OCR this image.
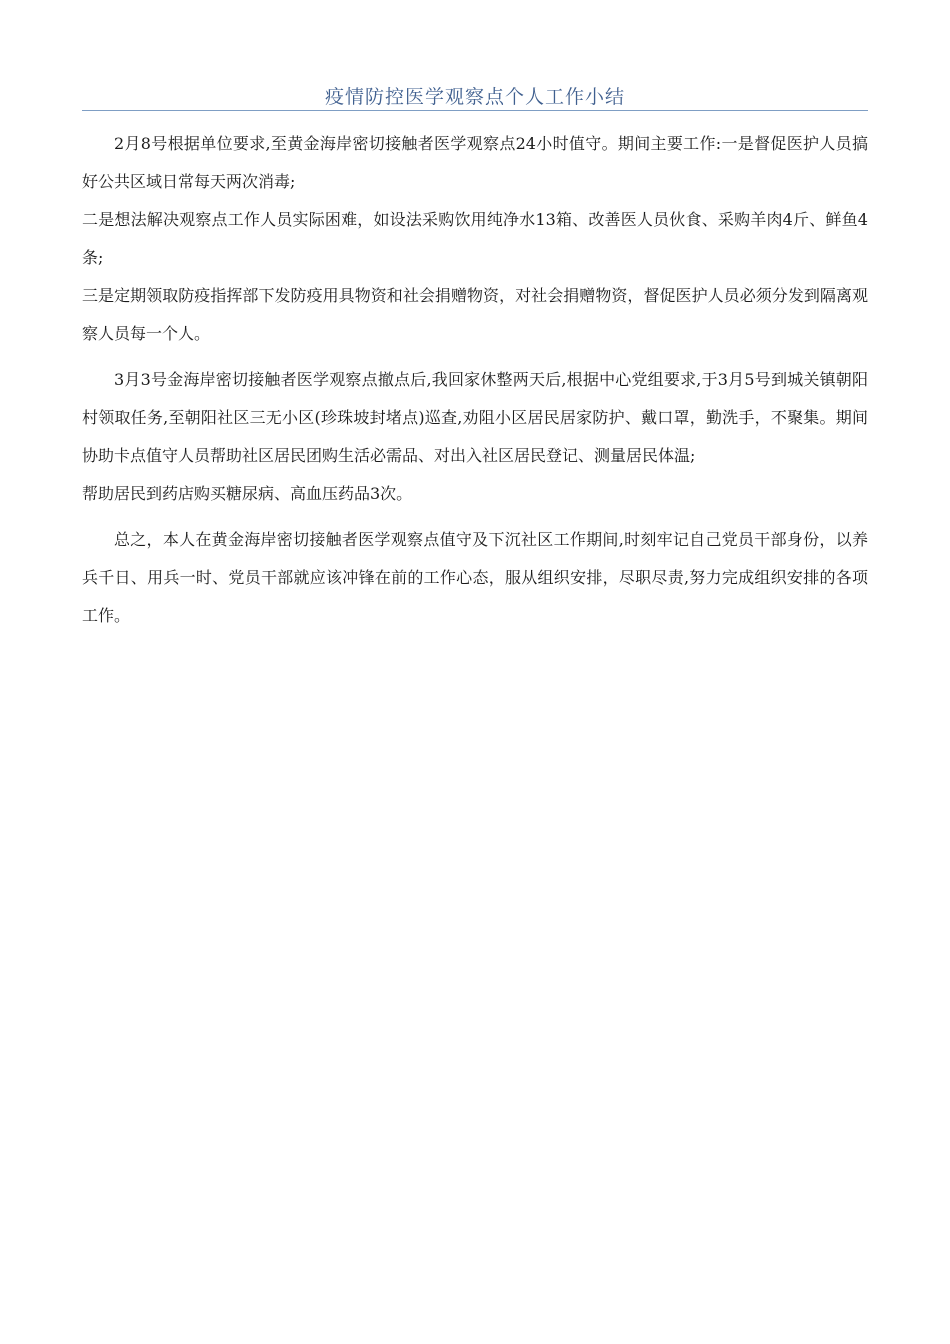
疫情防控医学观察点个人工作小结

2月8号根据单位要求,至黄金海岸密切接触者医学观察点24小时值守。期间主要工作:一是督促医护人员搞好公共区域日常每天两次消毒;

二是想法解决观察点工作人员实际困难，如设法采购饮用纯净水13箱、改善医人员伙食、采购羊肉4斤、鲜鱼4条;

三是定期领取防疫指挥部下发防疫用具物资和社会捐赠物资，对社会捐赠物资，督促医护人员必须分发到隔离观察人员每一个人。

3月3号金海岸密切接触者医学观察点撤点后,我回家休整两天后,根据中心党组要求,于3月5号到城关镇朝阳村领取任务,至朝阳社区三无小区(珍珠坡封堵点)巡查,劝阻小区居民居家防护、戴口罩，勤洗手，不聚集。期间协助卡点值守人员帮助社区居民团购生活必需品、对出入社区居民登记、测量居民体温;

帮助居民到药店购买糖尿病、高血压药品3次。

总之，本人在黄金海岸密切接触者医学观察点值守及下沉社区工作期间,时刻牢记自己党员干部身份，以养兵千日、用兵一时、党员干部就应该冲锋在前的工作心态，服从组织安排，尽职尽责,努力完成组织安排的各项工作。
